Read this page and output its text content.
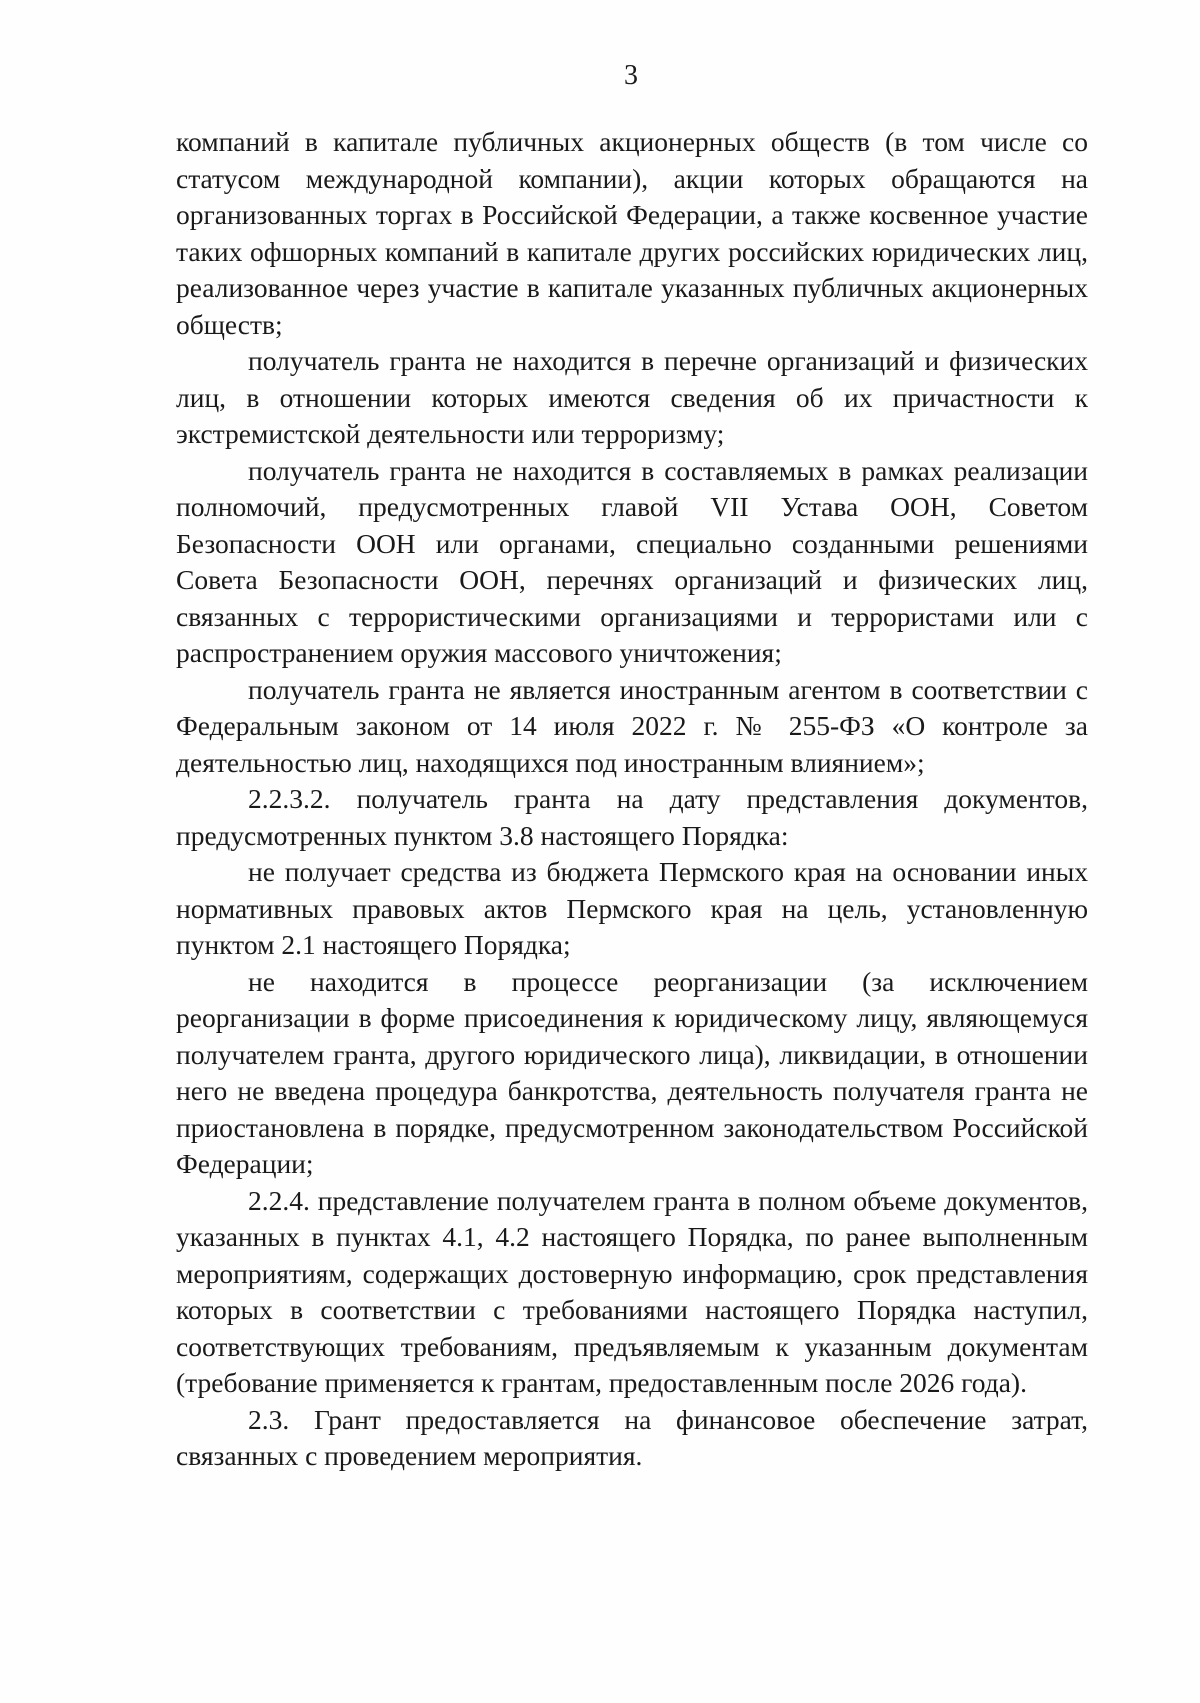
3

компаний в капитале публичных акционерных обществ (в том числе со статусом международной компании), акции которых обращаются на организованных торгах в Российской Федерации, а также косвенное участие таких офшорных компаний в капитале других российских юридических лиц, реализованное через участие в капитале указанных публичных акционерных обществ;

получатель гранта не находится в перечне организаций и физических лиц, в отношении которых имеются сведения об их причастности к экстремистской деятельности или терроризму;

получатель гранта не находится в составляемых в рамках реализации полномочий, предусмотренных главой VII Устава ООН, Советом Безопасности ООН или органами, специально созданными решениями Совета Безопасности ООН, перечнях организаций и физических лиц, связанных с террористическими организациями и террористами или с распространением оружия массового уничтожения;

получатель гранта не является иностранным агентом в соответствии с Федеральным законом от 14 июля 2022 г. № 255-ФЗ «О контроле за деятельностью лиц, находящихся под иностранным влиянием»;

2.2.3.2. получатель гранта на дату представления документов, предусмотренных пунктом 3.8 настоящего Порядка:

не получает средства из бюджета Пермского края на основании иных нормативных правовых актов Пермского края на цель, установленную пунктом 2.1 настоящего Порядка;

не находится в процессе реорганизации (за исключением реорганизации в форме присоединения к юридическому лицу, являющемуся получателем гранта, другого юридического лица), ликвидации, в отношении него не введена процедура банкротства, деятельность получателя гранта не приостановлена в порядке, предусмотренном законодательством Российской Федерации;

2.2.4. представление получателем гранта в полном объеме документов, указанных в пунктах 4.1, 4.2 настоящего Порядка, по ранее выполненным мероприятиям, содержащих достоверную информацию, срок представления которых в соответствии с требованиями настоящего Порядка наступил, соответствующих требованиям, предъявляемым к указанным документам (требование применяется к грантам, предоставленным после 2026 года).

2.3. Грант предоставляется на финансовое обеспечение затрат, связанных с проведением мероприятия.
